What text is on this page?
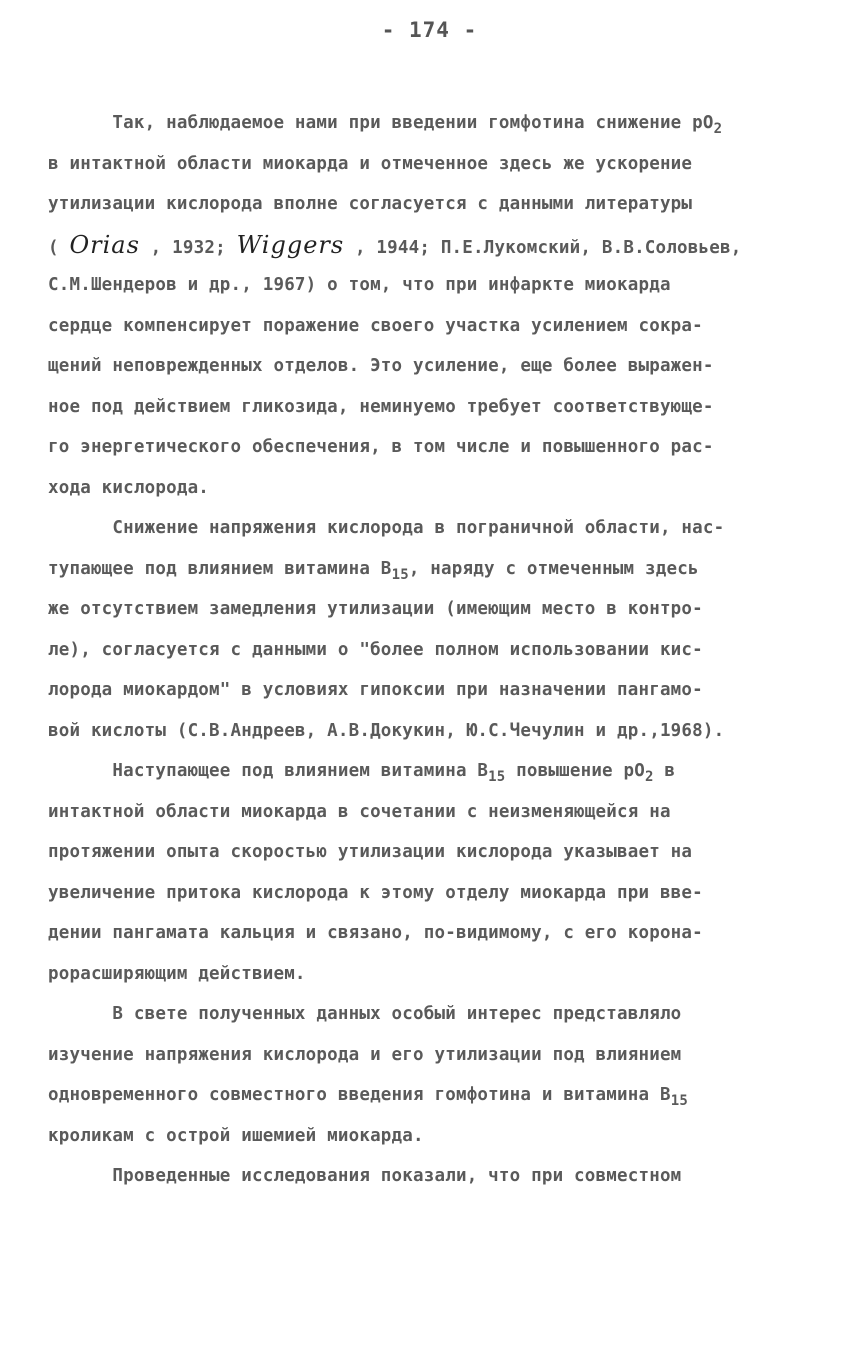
- 174 -
Так, наблюдаемое нами при введении гомфотина снижение $pO_2$
в интактной области миокарда и отмеченное здесь же ускорение
утилизации кислорода вполне согласуется с данными литературы
( Orias , 1932; Wiggers , 1944; П.Е.Лукомский, В.В.Соловьев,
С.М.Шендеров и др., 1967) о том, что при инфаркте миокарда
сердце компенсирует поражение своего участка усилением сокра-
щений неповрежденных отделов. Это усиление, еще более выражен-
ное под действием гликозида, неминуемо требует соответствующе-
го энергетического обеспечения, в том числе и повышенного рас-
хода кислорода.
Снижение напряжения кислорода в пограничной области, нас-
тупающее под влиянием витамина $B_{15}$, наряду с отмеченным здесь
же отсутствием замедления утилизации (имеющим место в контро-
ле), согласуется с данными о "более полном использовании кис-
лорода миокардом" в условиях гипоксии при назначении пангамо-
вой кислоты (С.В.Андреев, А.В.Докукин, Ю.С.Чечулин и др.,1968).
Наступающее под влиянием витамина $B_{15}$ повышение $pO_2$ в
интактной области миокарда в сочетании с неизменяющейся на
протяжении опыта скоростью утилизации кислорода указывает на
увеличение притока кислорода к этому отделу миокарда при вве-
дении пангамата кальция и связано, по-видимому, с его корона-
рорасширяющим действием.
В свете полученных данных особый интерес представляло
изучение напряжения кислорода и его утилизации под влиянием
одновременного совместного введения гомфотина и витамина $B_{15}$
кроликам с острой ишемией миокарда.
Проведенные исследования показали, что при совместном
